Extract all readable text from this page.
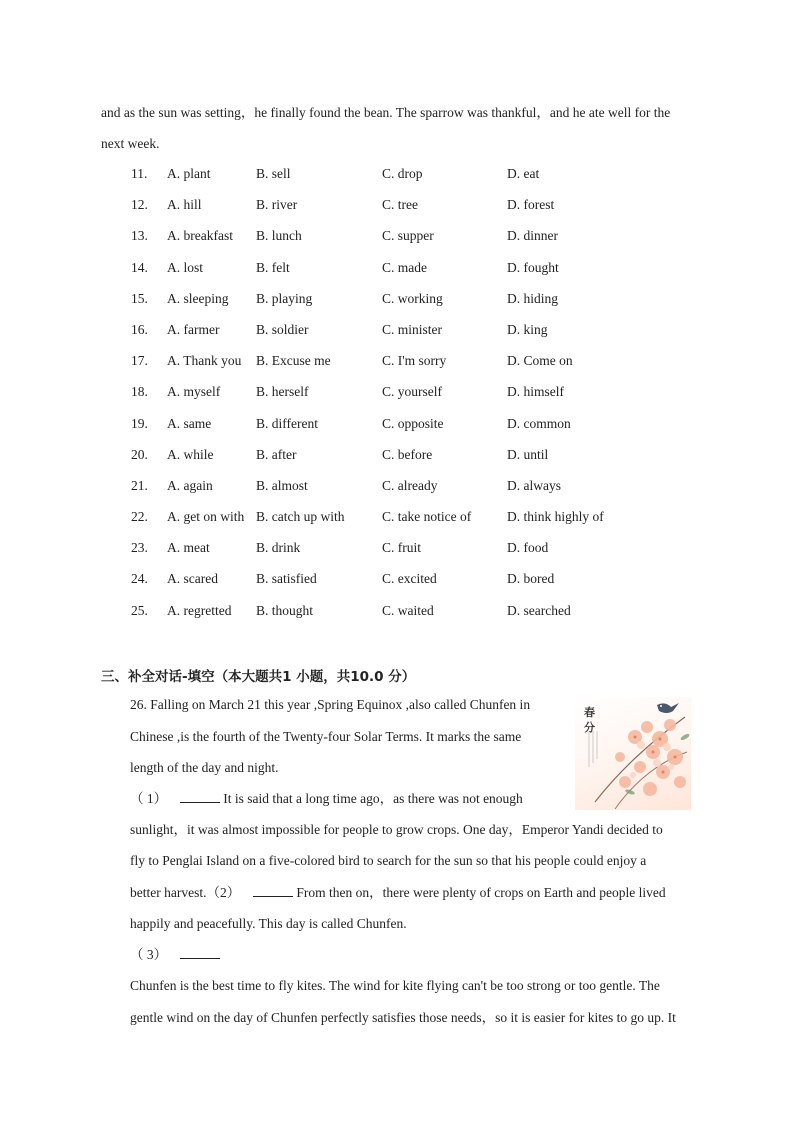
and as the sun was setting，he finally found the bean. The sparrow was thankful，and he ate well for the
next week.
11. A. plant	B. sell	C. drop	D. eat
12. A. hill	B. river	C. tree	D. forest
13. A. breakfast B. lunch	C. supper	D. dinner
14. A. lost	B. felt	C. made	D. fought
15. A. sleeping B. playing	C. working	D. hiding
16. A. farmer	B. soldier	C. minister	D. king
17. A. Thank you B. Excuse me	C. I'm sorry	D. Come on
18. A. myself	B. herself	C. yourself	D. himself
19. A. same	B. different	C. opposite	D. common
20. A. while	B. after	C. before	D. until
21. A. again	B. almost	C. already	D. always
22. A. get on with B. catch up with	C. take notice of	D. think highly of
23. A. meat	B. drink	C. fruit	D. food
24. A. scared	B. satisfied	C. excited	D. bored
25. A. regretted B. thought	C. waited	D. searched
三、补全对话-填空（本大题共1 小题，共10.0 分）
26. Falling on March 21 this year ,Spring Equinox ,also called Chunfen in
Chinese ,is the fourth of the Twenty-four Solar Terms. It marks the same
length of the day and night.
（ 1）	It is said that a long time ago，as there was not enough
sunlight，it was almost impossible for people to grow crops. One day，Emperor Yandi decided to
fly to Penglai Island on a five-colored bird to search for the sun so that his people could enjoy a
better harvest.（2）	From then on，there were plenty of crops on Earth and people lived
happily and peacefully. This day is called Chunfen.
（ 3）
Chunfen is the best time to fly kites. The wind for kite flying can't be too strong or too gentle. The
gentle wind on the day of Chunfen perfectly satisfies those needs，so it is easier for kites to go up. It
春分
